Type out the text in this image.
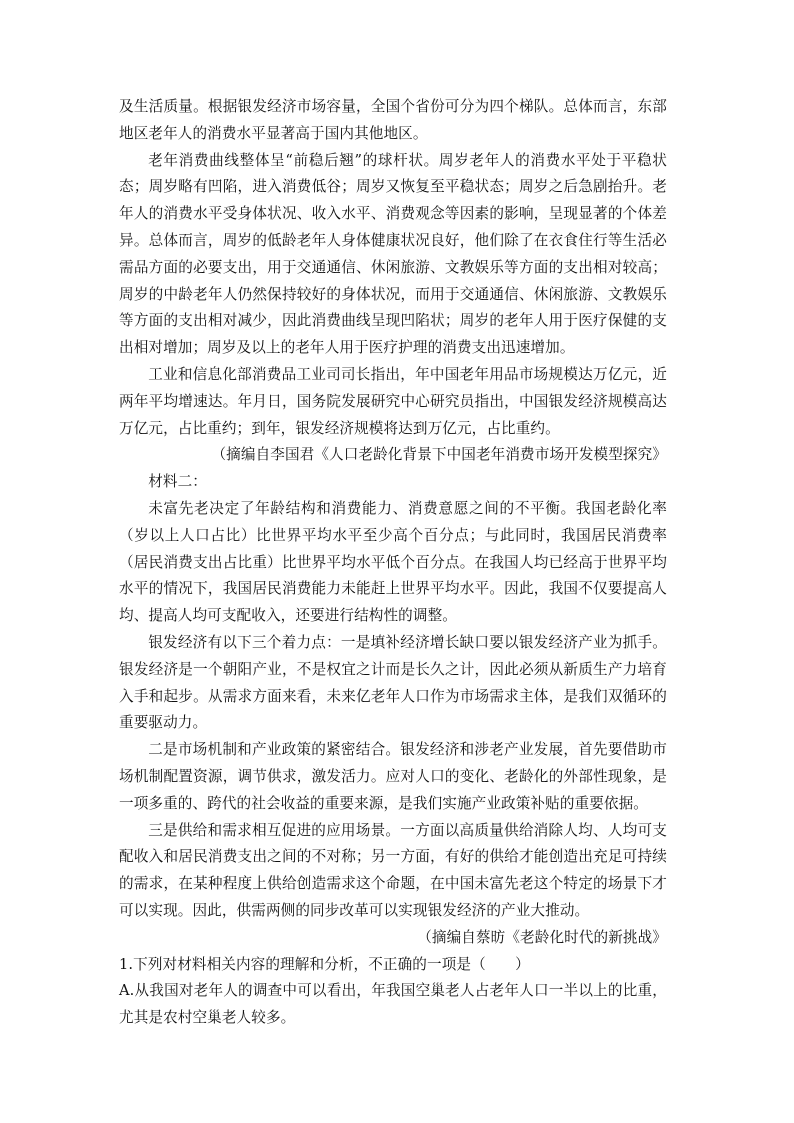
及生活质量。根据银发经济市场容量，全国个省份可分为四个梯队。总体而言，东部地区老年人的消费水平显著高于国内其他地区。

老年消费曲线整体呈“前稳后翘”的球杆状。周岁老年人的消费水平处于平稳状态；周岁略有凹陷，进入消费低谷；周岁又恢复至平稳状态；周岁之后急剧抬升。老年人的消费水平受身体状况、收入水平、消费观念等因素的影响，呈现显著的个体差异。总体而言，周岁的低龄老年人身体健康状况良好，他们除了在衣食住行等生活必需品方面的必要支出，用于交通通信、休闲旅游、文教娱乐等方面的支出相对较高；周岁的中龄老年人仍然保持较好的身体状况，而用于交通通信、休闲旅游、文教娱乐等方面的支出相对减少，因此消费曲线呈现凹陷状；周岁的老年人用于医疗保健的支出相对增加；周岁及以上的老年人用于医疗护理的消费支出迅速增加。

工业和信息化部消费品工业司司长指出，年中国老年用品市场规模达万亿元，近两年平均增速达。年月日，国务院发展研究中心研究员指出，中国银发经济规模高达万亿元，占比重约；到年，银发经济规模将达到万亿元，占比重约。

（摘编自李国君《人口老龄化背景下中国老年消费市场开发模型探究》

材料二：

未富先老决定了年龄结构和消费能力、消费意愿之间的不平衡。我国老龄化率（岁以上人口占比）比世界平均水平至少高个百分点；与此同时，我国居民消费率（居民消费支出占比重）比世界平均水平低个百分点。在我国人均已经高于世界平均水平的情况下，我国居民消费能力未能赶上世界平均水平。因此，我国不仅要提高人均、提高人均可支配收入，还要进行结构性的调整。

银发经济有以下三个着力点：一是填补经济增长缺口要以银发经济产业为抓手。银发经济是一个朝阳产业，不是权宜之计而是长久之计，因此必须从新质生产力培育入手和起步。从需求方面来看，未来亿老年人口作为市场需求主体，是我们双循环的重要驱动力。

二是市场机制和产业政策的紧密结合。银发经济和涉老产业发展，首先要借助市场机制配置资源，调节供求，激发活力。应对人口的变化、老龄化的外部性现象，是一项多重的、跨代的社会收益的重要来源，是我们实施产业政策补贴的重要依据。

三是供给和需求相互促进的应用场景。一方面以高质量供给消除人均、人均可支配收入和居民消费支出之间的不对称；另一方面，有好的供给才能创造出充足可持续的需求，在某种程度上供给创造需求这个命题，在中国未富先老这个特定的场景下才可以实现。因此，供需两侧的同步改革可以实现银发经济的产业大推动。

（摘编自蔡昉《老龄化时代的新挑战》

1.下列对材料相关内容的理解和分析，不正确的一项是（　　）

A.从我国对老年人的调查中可以看出，年我国空巢老人占老年人口一半以上的比重，尤其是农村空巢老人较多。
